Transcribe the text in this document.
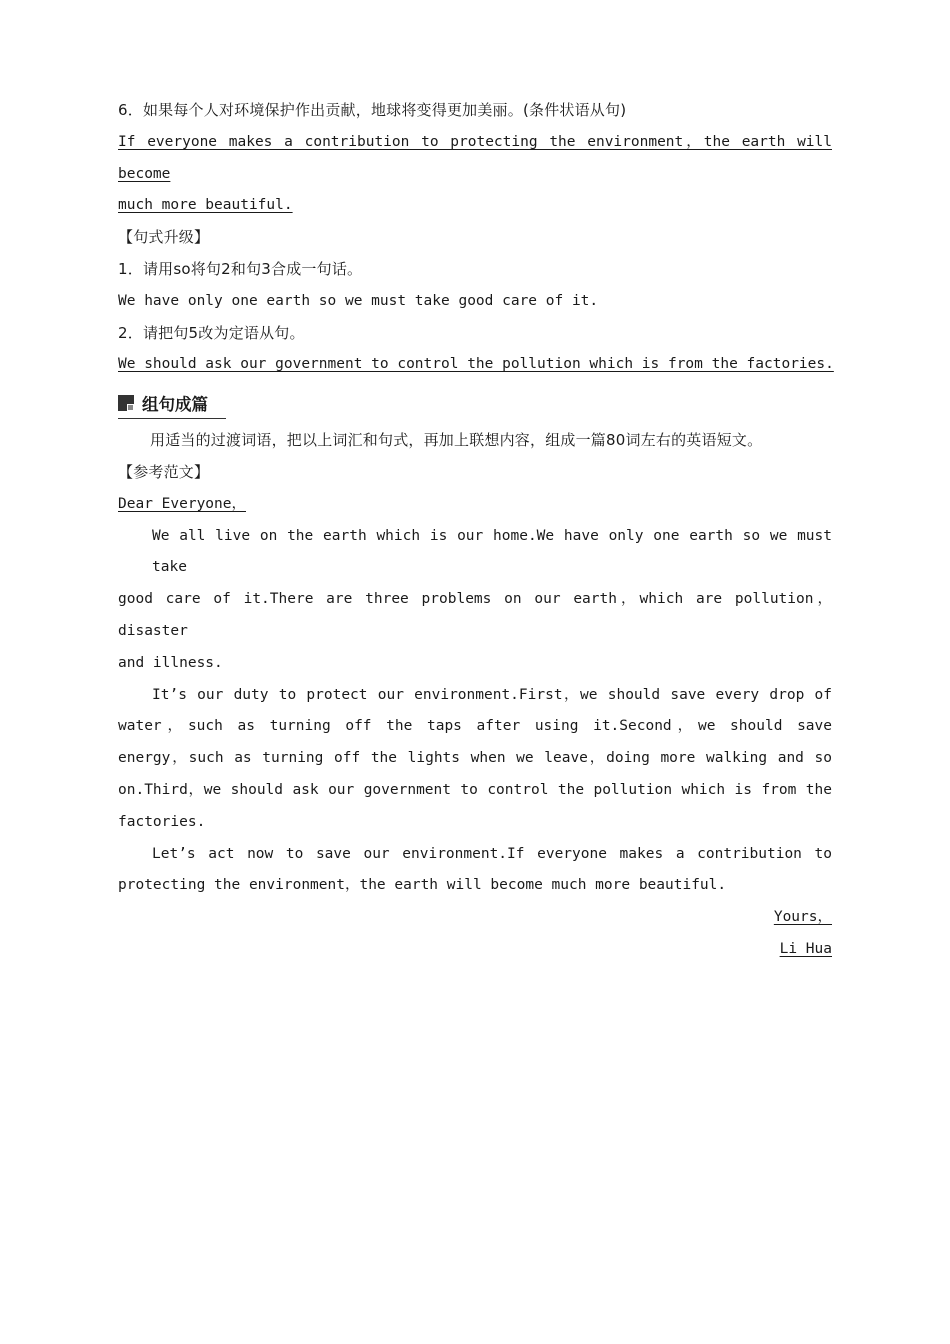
6．如果每个人对环境保护作出贡献，地球将变得更加美丽。(条件状语从句)
If everyone makes a contribution to protecting the environment，the earth will become
much more beautiful.
【句式升级】
1．请用so将句2和句3合成一句话。
We have only one earth so we must take good care of it.
2．请把句5改为定语从句。
We should ask our government to control the pollution which is from the factories.
组句成篇
用适当的过渡词语，把以上词汇和句式，再加上联想内容，组成一篇80词左右的英语短文。
【参考范文】
Dear Everyone，
We all live on the earth which is our home.We have only one earth so we must take
good care of it.There are three problems on our earth，which are pollution，disaster
and illness.
It’s our duty to protect our environment.First，we should save every drop of
water，such as turning off the taps after using it.Second，we should save
energy，such as turning off the lights when we leave，doing more walking and so
on.Third，we should ask our government to control the pollution which is from the
factories.
Let’s act now to save our environment.If everyone makes a contribution to
protecting the environment，the earth will become much more beautiful.
Yours，
Li Hua
